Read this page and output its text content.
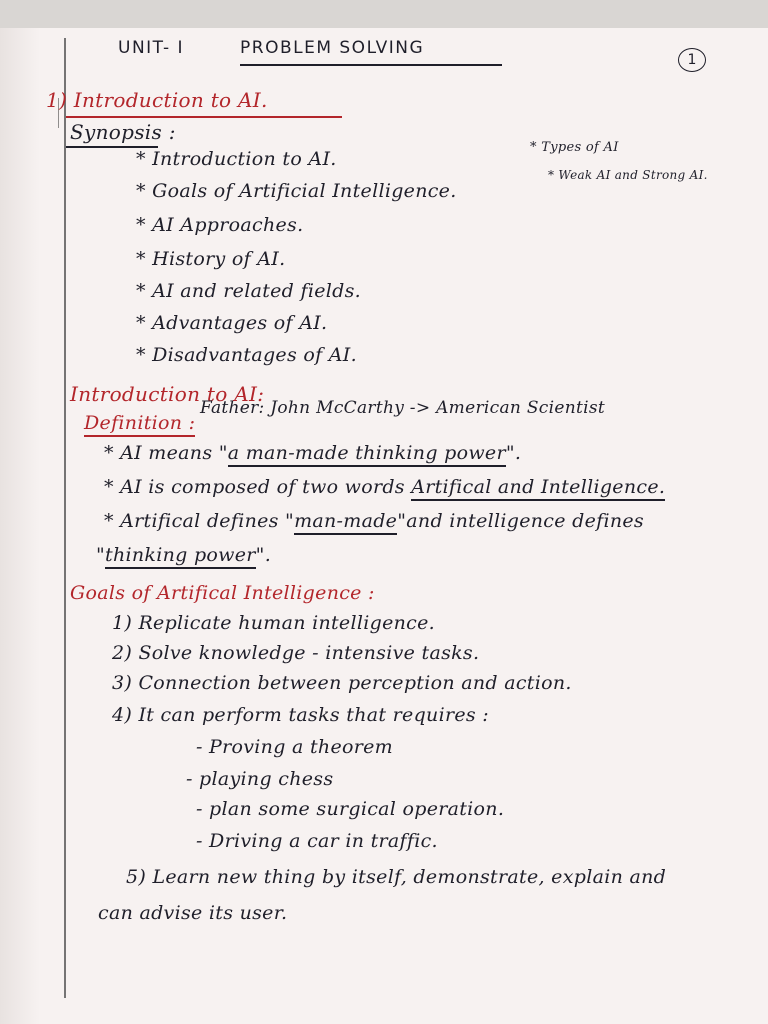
UNIT- I	PROBLEM SOLVING
1
1) Introduction to AI.
Synopsis :
* Introduction to AI.
* Goals of Artificial Intelligence.
* AI Approaches.
* History of AI.
* AI and related fields.
* Advantages of AI.
* Disadvantages of AI.
* Types of AI
* Weak AI and Strong AI.
Introduction to AI:
Definition :
Father: John McCarthy -> American Scientist
* AI means "a man-made thinking power".
* AI is composed of two words Artifical and Intelligence.
* Artifical defines "man-made"and intelligence defines
"thinking power".
Goals of Artifical Intelligence :
1) Replicate human intelligence.
2) Solve knowledge - intensive tasks.
3) Connection between perception and action.
4) It can perform tasks that requires :
- Proving a theorem
- playing chess
- plan some surgical operation.
- Driving a car in traffic.
5) Learn new thing by itself, demonstrate, explain and
can advise its user.
